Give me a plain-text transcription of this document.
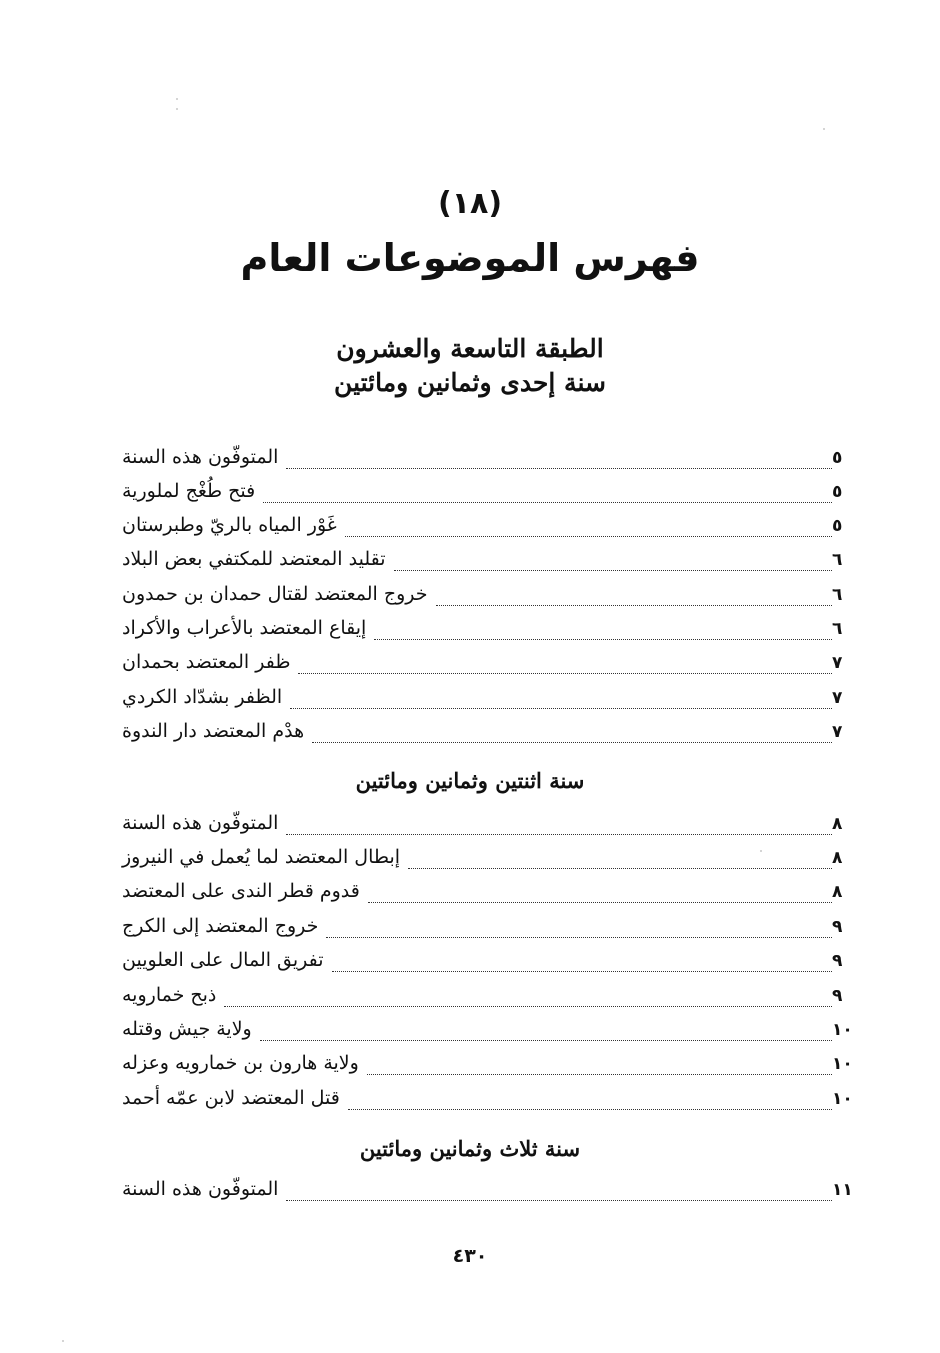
(١٨)
فهرس الموضوعات العام
الطبقة التاسعة والعشرون
سنة إحدى وثمانين ومائتين
المتوفّون هذه السنة	٥
فتح طُغْج لملورية	٥
غَوْر المياه بالريّ وطبرستان	٥
تقليد المعتضد للمكتفي بعض البلاد	٦
خروج المعتضد لقتال حمدان بن حمدون	٦
إيقاع المعتضد بالأعراب والأكراد	٦
ظفر المعتضد بحمدان	٧
الظفر بشدّاد الكردي	٧
هدْم المعتضد دار الندوة	٧
سنة اثنتين وثمانين ومائتين
المتوفّون هذه السنة	٨
إبطال المعتضد لما يُعمل في النيروز	٨
قدوم قطر الندى على المعتضد	٨
خروج المعتضد إلى الكرج	٩
تفريق المال على العلويين	٩
ذبح خمارويه	٩
ولاية جيش وقتله	١٠
ولاية هارون بن خمارويه وعزله	١٠
قتل المعتضد لابن عمّه أحمد	١٠
سنة ثلاث وثمانين ومائتين
المتوفّون هذه السنة	١١
٤٣٠
